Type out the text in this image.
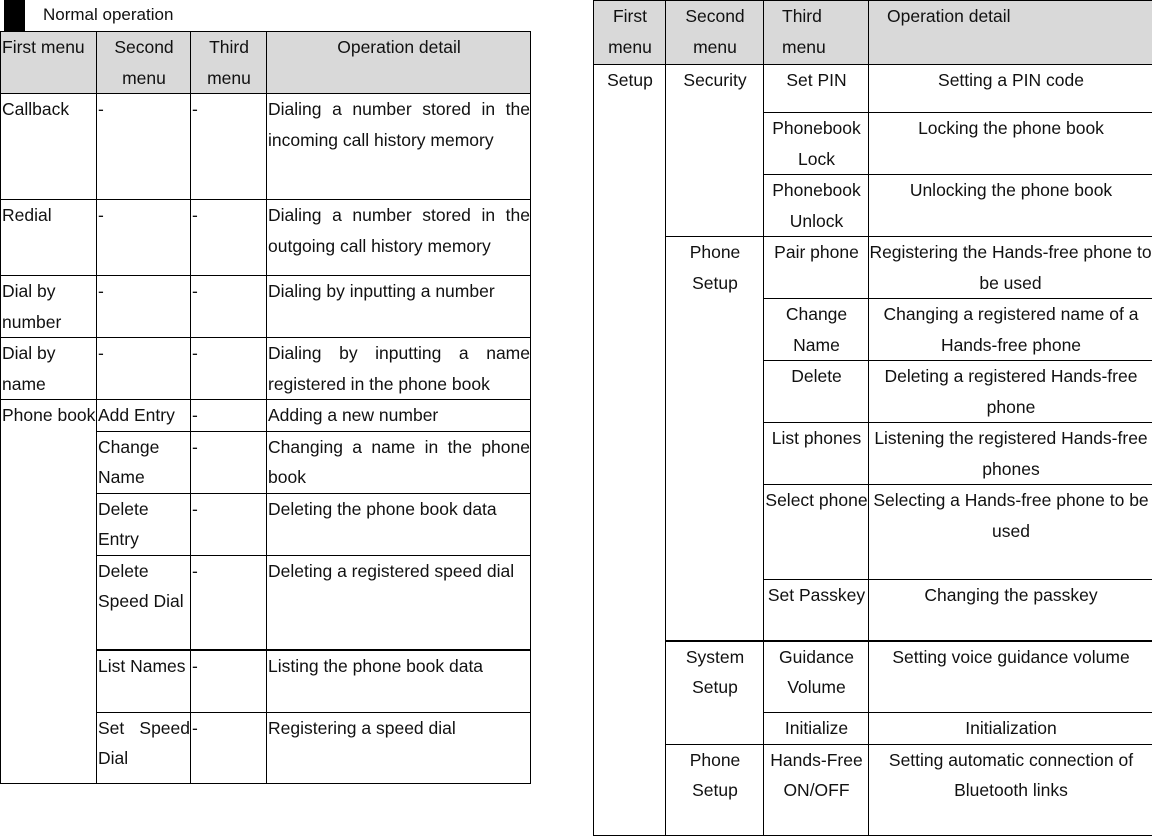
Normal operation
First menu	Second menu	Third menu	Operation detail
Callback	-	-	Dialing a number stored in the incoming call history memory
Redial	-	-	Dialing a number stored in the outgoing call history memory
Dial by number	-	-	Dialing by inputting a number
Dial by name	-	-	Dialing by inputting a name registered in the phone book
Phone book	Add Entry	-	Adding a new number
	Change Name	-	Changing a name in the phone book
	Delete Entry	-	Deleting the phone book data
	Delete Speed Dial	-	Deleting a registered speed dial
	List Names	-	Listing the phone book data
	Set Speed Dial	-	Registering a speed dial
First menu	Second menu	Third menu	Operation detail
Setup	Security	Set PIN	Setting a PIN code
		Phonebook Lock	Locking the phone book
		Phonebook Unlock	Unlocking the phone book
	Phone Setup	Pair phone	Registering the Hands-free phone to be used
		Change Name	Changing a registered name of a Hands-free phone
		Delete	Deleting a registered Hands-free phone
		List phones	Listening the registered Hands-free phones
		Select phone	Selecting a Hands-free phone to be used
		Set Passkey	Changing the passkey
	System Setup	Guidance Volume	Setting voice guidance volume
		Initialize	Initialization
	Phone Setup	Hands-Free ON/OFF	Setting automatic connection of Bluetooth links
